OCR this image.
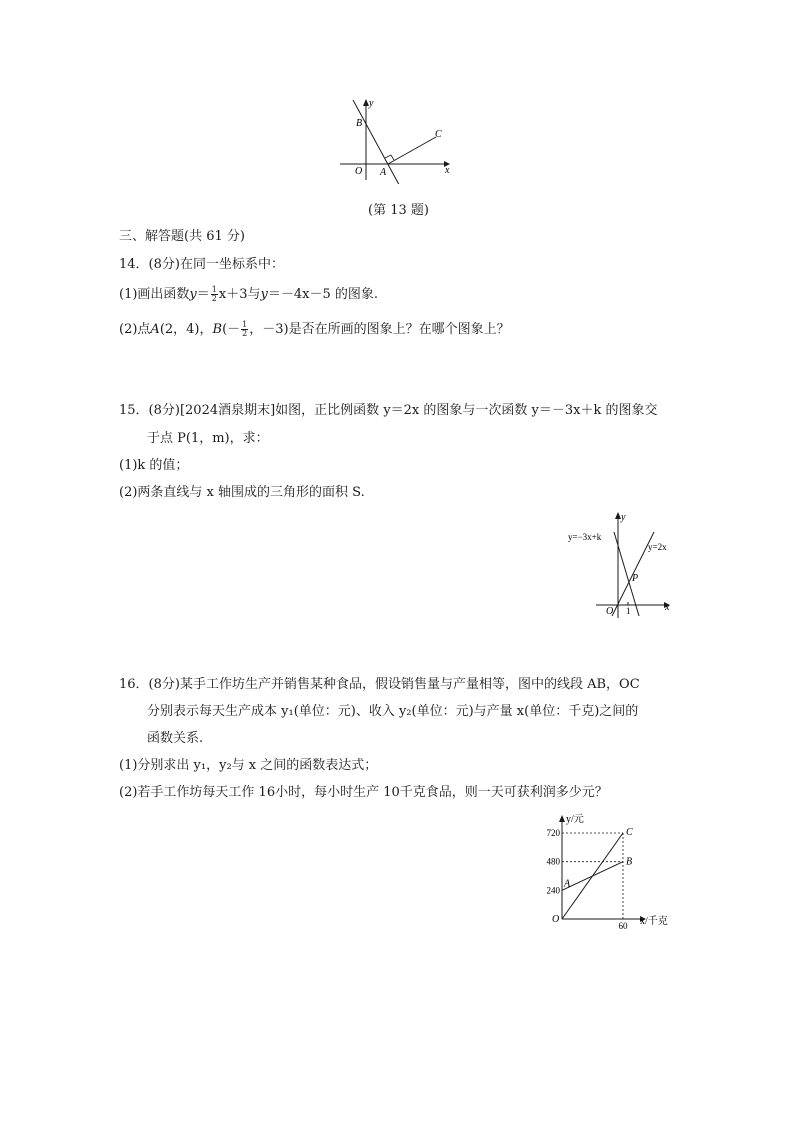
y
x
B
C
O A
(第 13 题)
三、解答题(共 61 分)
14．(8分)在同一坐标系中：
(1)画出函数$y= \frac{1}{2} x+3$与y＝－4x－5 的图象.
(2)点A(2，4)，$B(- \frac{1}{2}$ ，－3)是否在所画的图象上？在哪个图象上？
15．(8分)[2024酒泉期末]如图，正比例函数 y＝2x 的图象与一次函数 y＝－3x＋k 的图象交
于点 P(1，m)，求：
(1)k 的值；
(2)两条直线与 x 轴围成的三角形的面积 S.
y=−3x+k
y=2x
y
x
P
O 1
16．(8分)某手工作坊生产并销售某种食品，假设销售量与产量相等，图中的线段 AB，OC
分别表示每天生产成本 y₁(单位：元)、收入 y₂(单位：元)与产量 x(单位：千克)之间的
函数关系.
(1)分别求出 y₁，y₂与 x 之间的函数表达式；
(2)若手工作坊每天工作 16小时，每小时生产 10千克食品，则一天可获利润多少元？
y/元
x/千克
O
A
B
C
720
480
240
60
